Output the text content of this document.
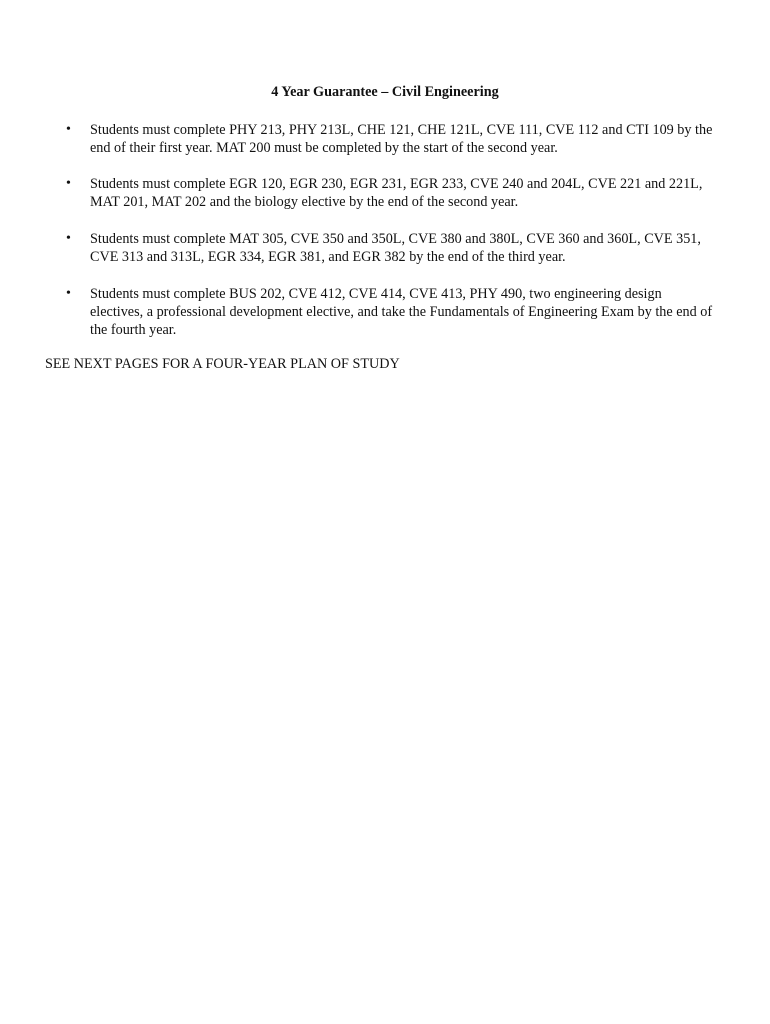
4 Year Guarantee – Civil Engineering
• Students must complete PHY 213, PHY 213L, CHE 121, CHE 121L, CVE 111, CVE 112 and CTI 109 by the end of their first year. MAT 200 must be completed by the start of the second year.
• Students must complete EGR 120, EGR 230, EGR 231, EGR 233, CVE 240 and 204L, CVE 221 and 221L, MAT 201, MAT 202 and the biology elective by the end of the second year.
• Students must complete MAT 305, CVE 350 and 350L, CVE 380 and 380L, CVE 360 and 360L, CVE 351, CVE 313 and 313L, EGR 334, EGR 381, and EGR 382 by the end of the third year.
• Students must complete BUS 202, CVE 412, CVE 414, CVE 413, PHY 490, two engineering design electives, a professional development elective, and take the Fundamentals of Engineering Exam by the end of the fourth year.
SEE NEXT PAGES FOR A FOUR-YEAR PLAN OF STUDY
